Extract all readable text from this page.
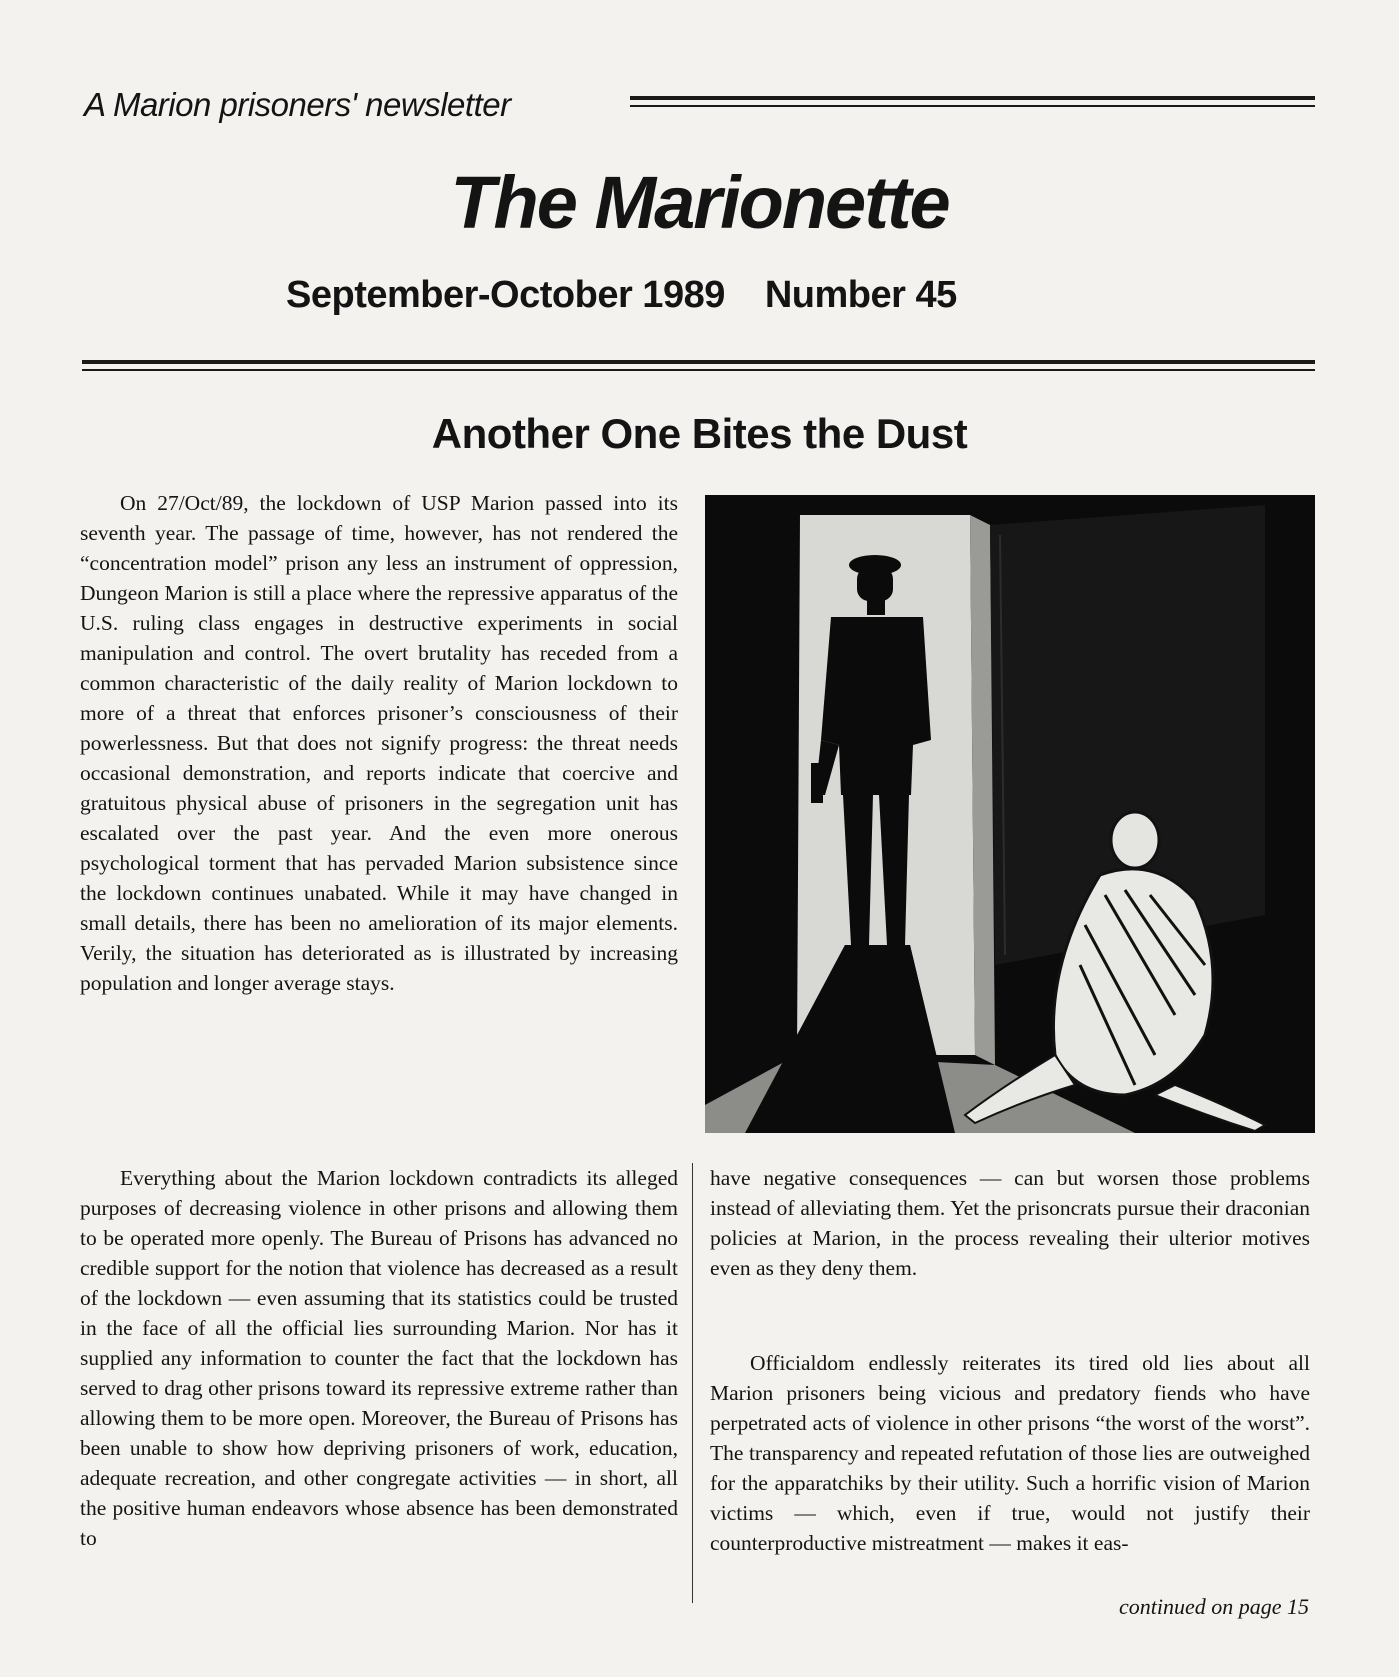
A Marion prisoners' newsletter
The Marionette
September-October 1989 Number 45
Another One Bites the Dust

On 27/Oct/89, the lockdown of USP Marion passed into its seventh year. The passage of time, however, has not rendered the “concentration model” prison any less an instrument of oppression, Dungeon Marion is still a place where the repressive apparatus of the U.S. ruling class engages in destructive experiments in social manipulation and control. The overt brutality has receded from a common characteristic of the daily reality of Marion lockdown to more of a threat that enforces prisoner’s consciousness of their powerlessness. But that does not signify progress: the threat needs occasional demonstration, and reports indicate that coercive and gratuitous physical abuse of prisoners in the segregation unit has escalated over the past year. And the even more onerous psychological torment that has pervaded Marion subsistence since the lockdown continues unabated. While it may have changed in small details, there has been no amelioration of its major elements. Verily, the situation has deteriorated as is illustrated by increasing population and longer average stays.

Everything about the Marion lockdown contradicts its alleged purposes of decreasing violence in other prisons and allowing them to be operated more openly. The Bureau of Prisons has advanced no credible support for the notion that violence has decreased as a result of the lockdown — even assuming that its statistics could be trusted in the face of all the official lies surrounding Marion. Nor has it supplied any information to counter the fact that the lockdown has served to drag other prisons toward its repressive extreme rather than allowing them to be more open. Moreover, the Bureau of Prisons has been unable to show how depriving prisoners of work, education, adequate recreation, and other congregate activities — in short, all the positive human endeavors whose absence has been demonstrated to

have negative consequences — can but worsen those problems instead of alleviating them. Yet the prisoncrats pursue their draconian policies at Marion, in the process revealing their ulterior motives even as they deny them.

Officialdom endlessly reiterates its tired old lies about all Marion prisoners being vicious and predatory fiends who have perpetrated acts of violence in other prisons “the worst of the worst”. The transparency and repeated refutation of those lies are outweighed for the apparatchiks by their utility. Such a horrific vision of Marion victims — which, even if true, would not justify their counterproductive mistreatment — makes it eas-

continued on page 15
